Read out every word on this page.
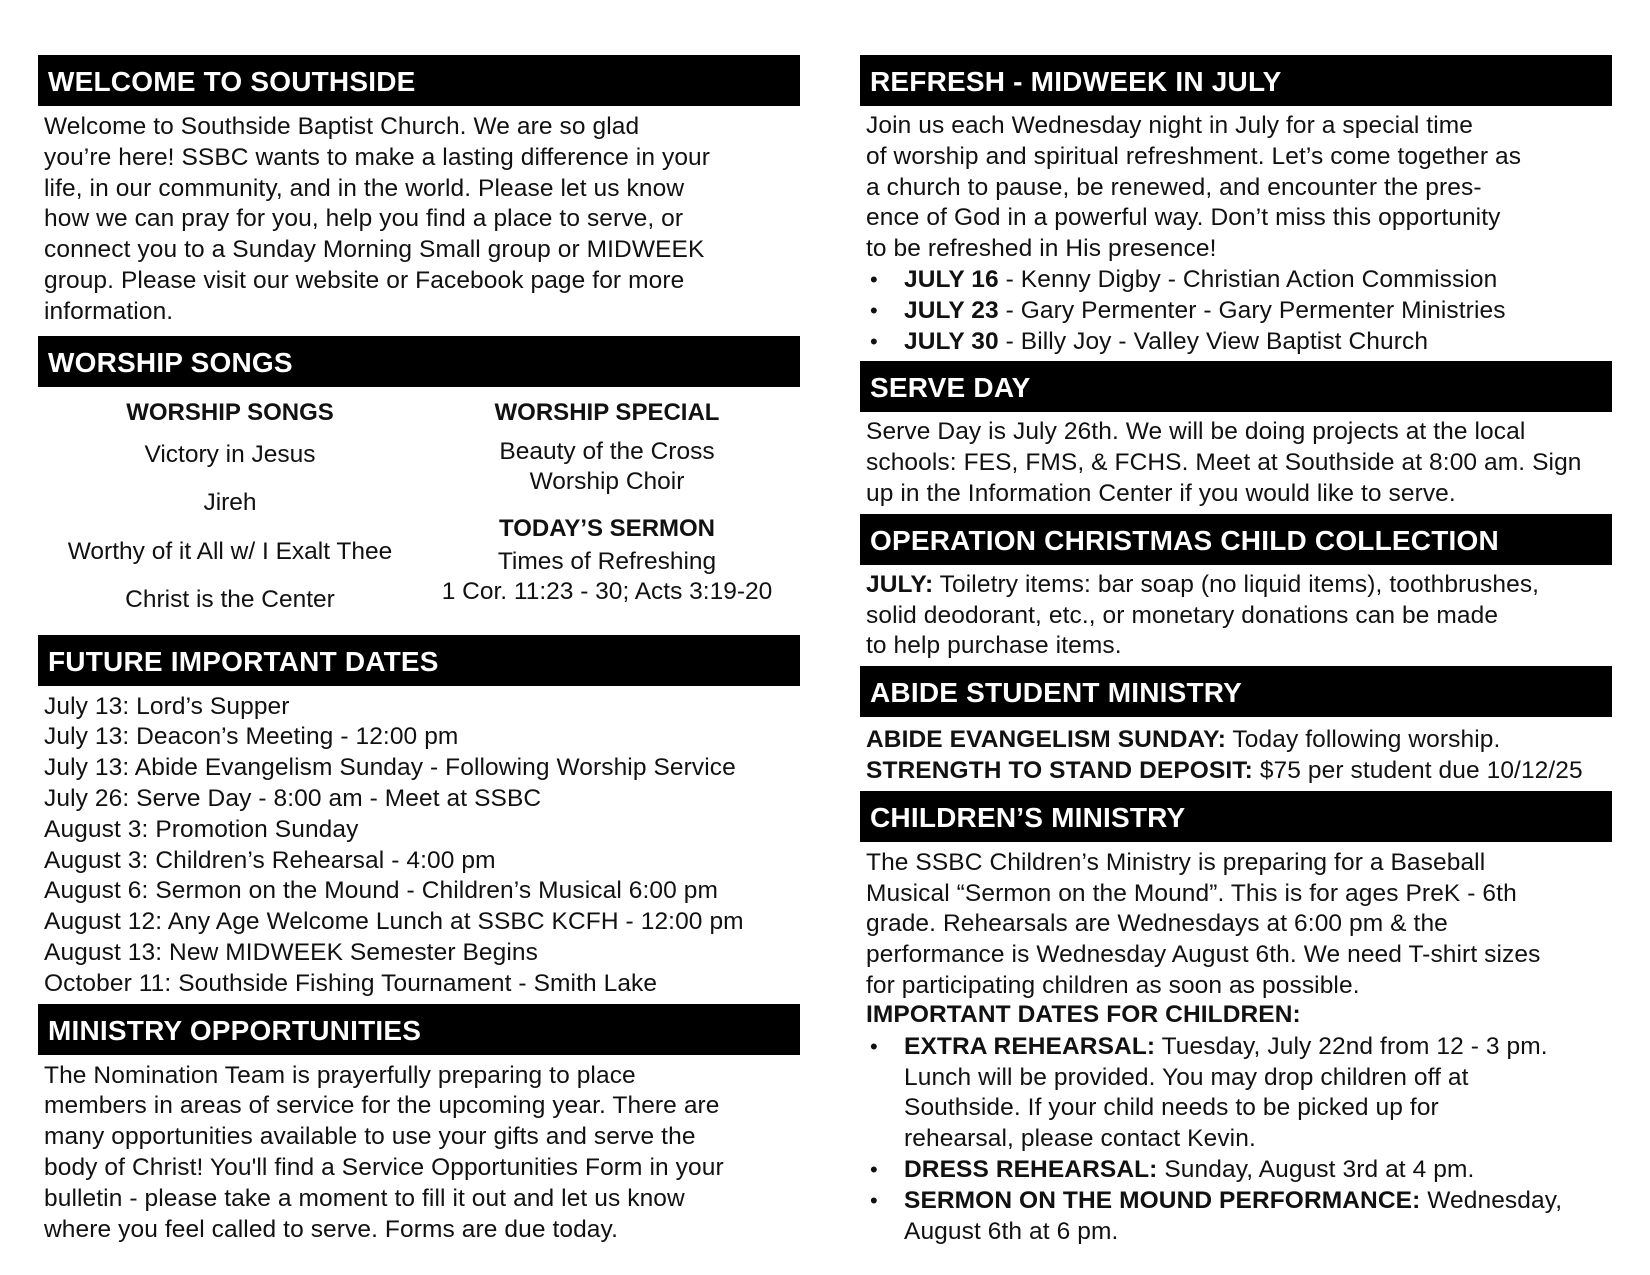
WELCOME TO SOUTHSIDE
Welcome to Southside Baptist Church. We are so glad
you’re here! SSBC wants to make a lasting difference in your
life, in our community, and in the world. Please let us know
how we can pray for you, help you find a place to serve, or
connect you to a Sunday Morning Small group or MIDWEEK
group. Please visit our website or Facebook page for more
information.
WORSHIP SONGS
WORSHIP SONGS
Victory in Jesus
Jireh
Worthy of it All w/ I Exalt Thee
Christ is the Center
WORSHIP SPECIAL
Beauty of the Cross
Worship Choir
TODAY’S SERMON
Times of Refreshing
1 Cor. 11:23 - 30; Acts 3:19-20
FUTURE IMPORTANT DATES
July 13: Lord’s Supper
July 13: Deacon’s Meeting - 12:00 pm
July 13: Abide Evangelism Sunday - Following Worship Service
July 26: Serve Day - 8:00 am - Meet at SSBC
August 3: Promotion Sunday
August 3: Children’s Rehearsal - 4:00 pm
August 6: Sermon on the Mound - Children’s Musical 6:00 pm
August 12: Any Age Welcome Lunch at SSBC KCFH - 12:00 pm
August 13: New MIDWEEK Semester Begins
October 11: Southside Fishing Tournament - Smith Lake
MINISTRY OPPORTUNITIES
The Nomination Team is prayerfully preparing to place
members in areas of service for the upcoming year. There are
many opportunities available to use your gifts and serve the
body of Christ! You'll find a Service Opportunities Form in your
bulletin - please take a moment to fill it out and let us know
where you feel called to serve. Forms are due today.
REFRESH - MIDWEEK IN JULY
Join us each Wednesday night in July for a special time
of worship and spiritual refreshment. Let’s come together as
a church to pause, be renewed, and encounter the pres-
ence of God in a powerful way. Don’t miss this opportunity
to be refreshed in His presence!
• JULY 16 - Kenny Digby - Christian Action Commission
• JULY 23 - Gary Permenter - Gary Permenter Ministries
• JULY 30 - Billy Joy - Valley View Baptist Church
SERVE DAY
Serve Day is July 26th. We will be doing projects at the local
schools: FES, FMS, & FCHS. Meet at Southside at 8:00 am. Sign
up in the Information Center if you would like to serve.
OPERATION CHRISTMAS CHILD COLLECTION
JULY: Toiletry items: bar soap (no liquid items), toothbrushes,
solid deodorant, etc., or monetary donations can be made
to help purchase items.
ABIDE STUDENT MINISTRY
ABIDE EVANGELISM SUNDAY: Today following worship.
STRENGTH TO STAND DEPOSIT: $75 per student due 10/12/25
CHILDREN’S MINISTRY
The SSBC Children’s Ministry is preparing for a Baseball
Musical “Sermon on the Mound”. This is for ages PreK - 6th
grade. Rehearsals are Wednesdays at 6:00 pm & the
performance is Wednesday August 6th. We need T-shirt sizes
for participating children as soon as possible.
IMPORTANT DATES FOR CHILDREN:
• EXTRA REHEARSAL: Tuesday, July 22nd from 12 - 3 pm.
Lunch will be provided. You may drop children off at
Southside. If your child needs to be picked up for
rehearsal, please contact Kevin.
• DRESS REHEARSAL: Sunday, August 3rd at 4 pm.
• SERMON ON THE MOUND PERFORMANCE: Wednesday,
August 6th at 6 pm.
